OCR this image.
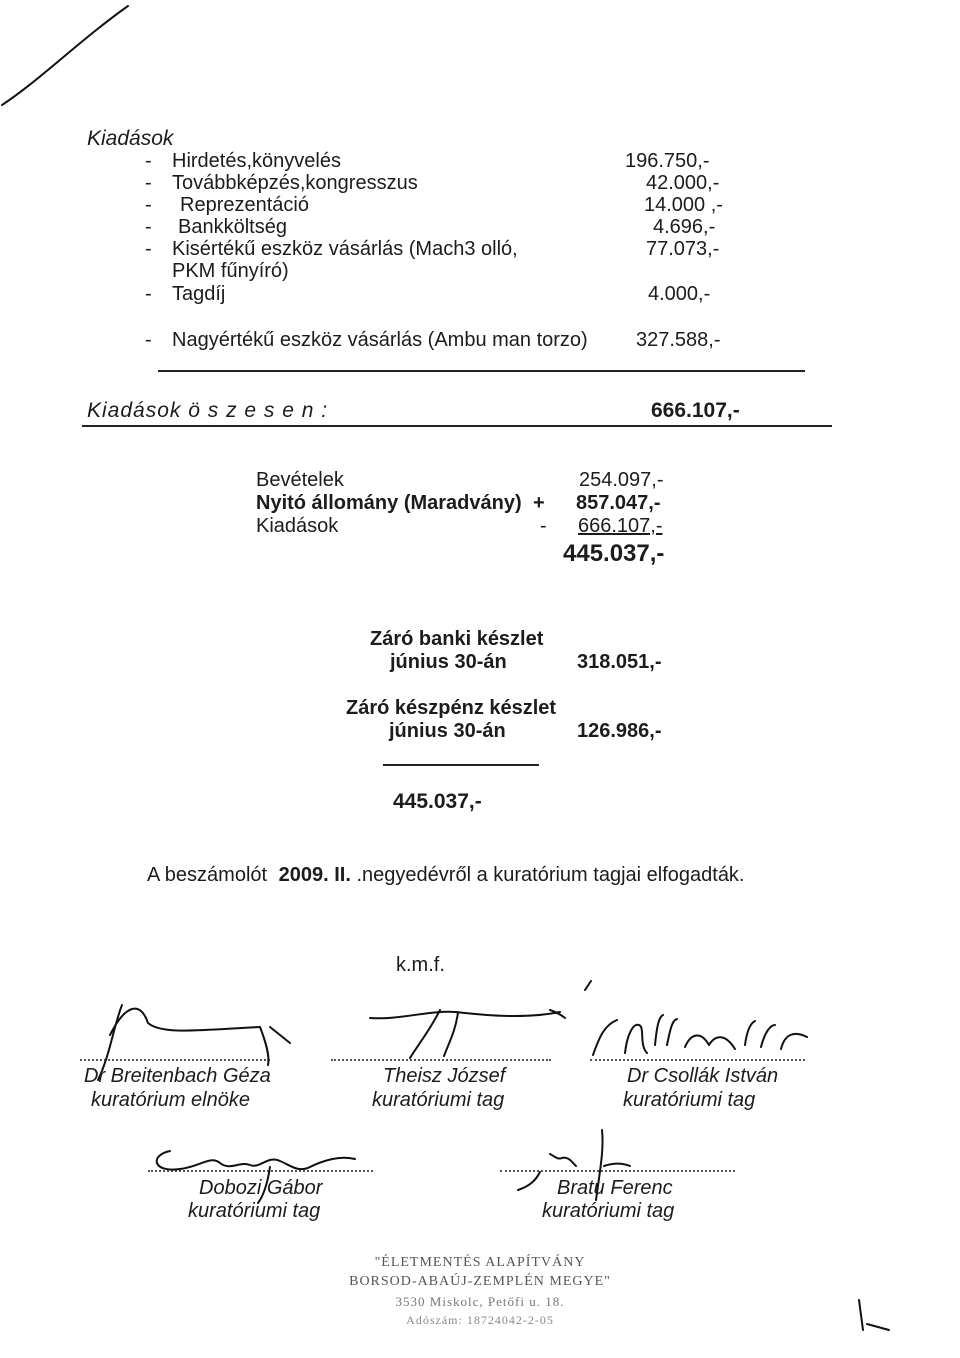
Kiadások
- Hirdetés,könyvelés	196.750,-
- Továbbképzés,kongresszus	42.000,-
- Reprezentáció	14.000 ,-
- Bankköltség	4.696,-
- Kisértékű eszköz vásárlás (Mach3 olló,
PKM fűnyíró)
77.073,-
- Tagdíj	4.000,-
- Nagyértékű eszköz vásárlás (Ambu man torzo) 327.588,-
Kiadások ö s z e s e n :	666.107,-
Bevételek	254.097,-
Nyitó állomány (Maradvány) + 857.047,-
Kiadások	- 666.107,-
445.037,-
Záró banki készlet
június 30-án	318.051,-
Záró készpénz készlet
június 30-án	126.986,-
445.037,-
A beszámolót 2009. II. .negyedévről a kuratórium tagjai elfogadták.
k.m.f.
Dr Breitenbach Géza
kuratórium elnöke
Theisz József
kuratóriumi tag
Dr Csollák István
kuratóriumi tag
Dobozi Gábor
kuratóriumi tag
Bratu Ferenc
kuratóriumi tag
"ÉLETMENTÉS ALAPÍTVÁNY
BORSOD-ABAÚJ-ZEMPLÉN MEGYE"
3530 Miskolc, Petőfi u. 18.
Adószám: 18724042-2-05
